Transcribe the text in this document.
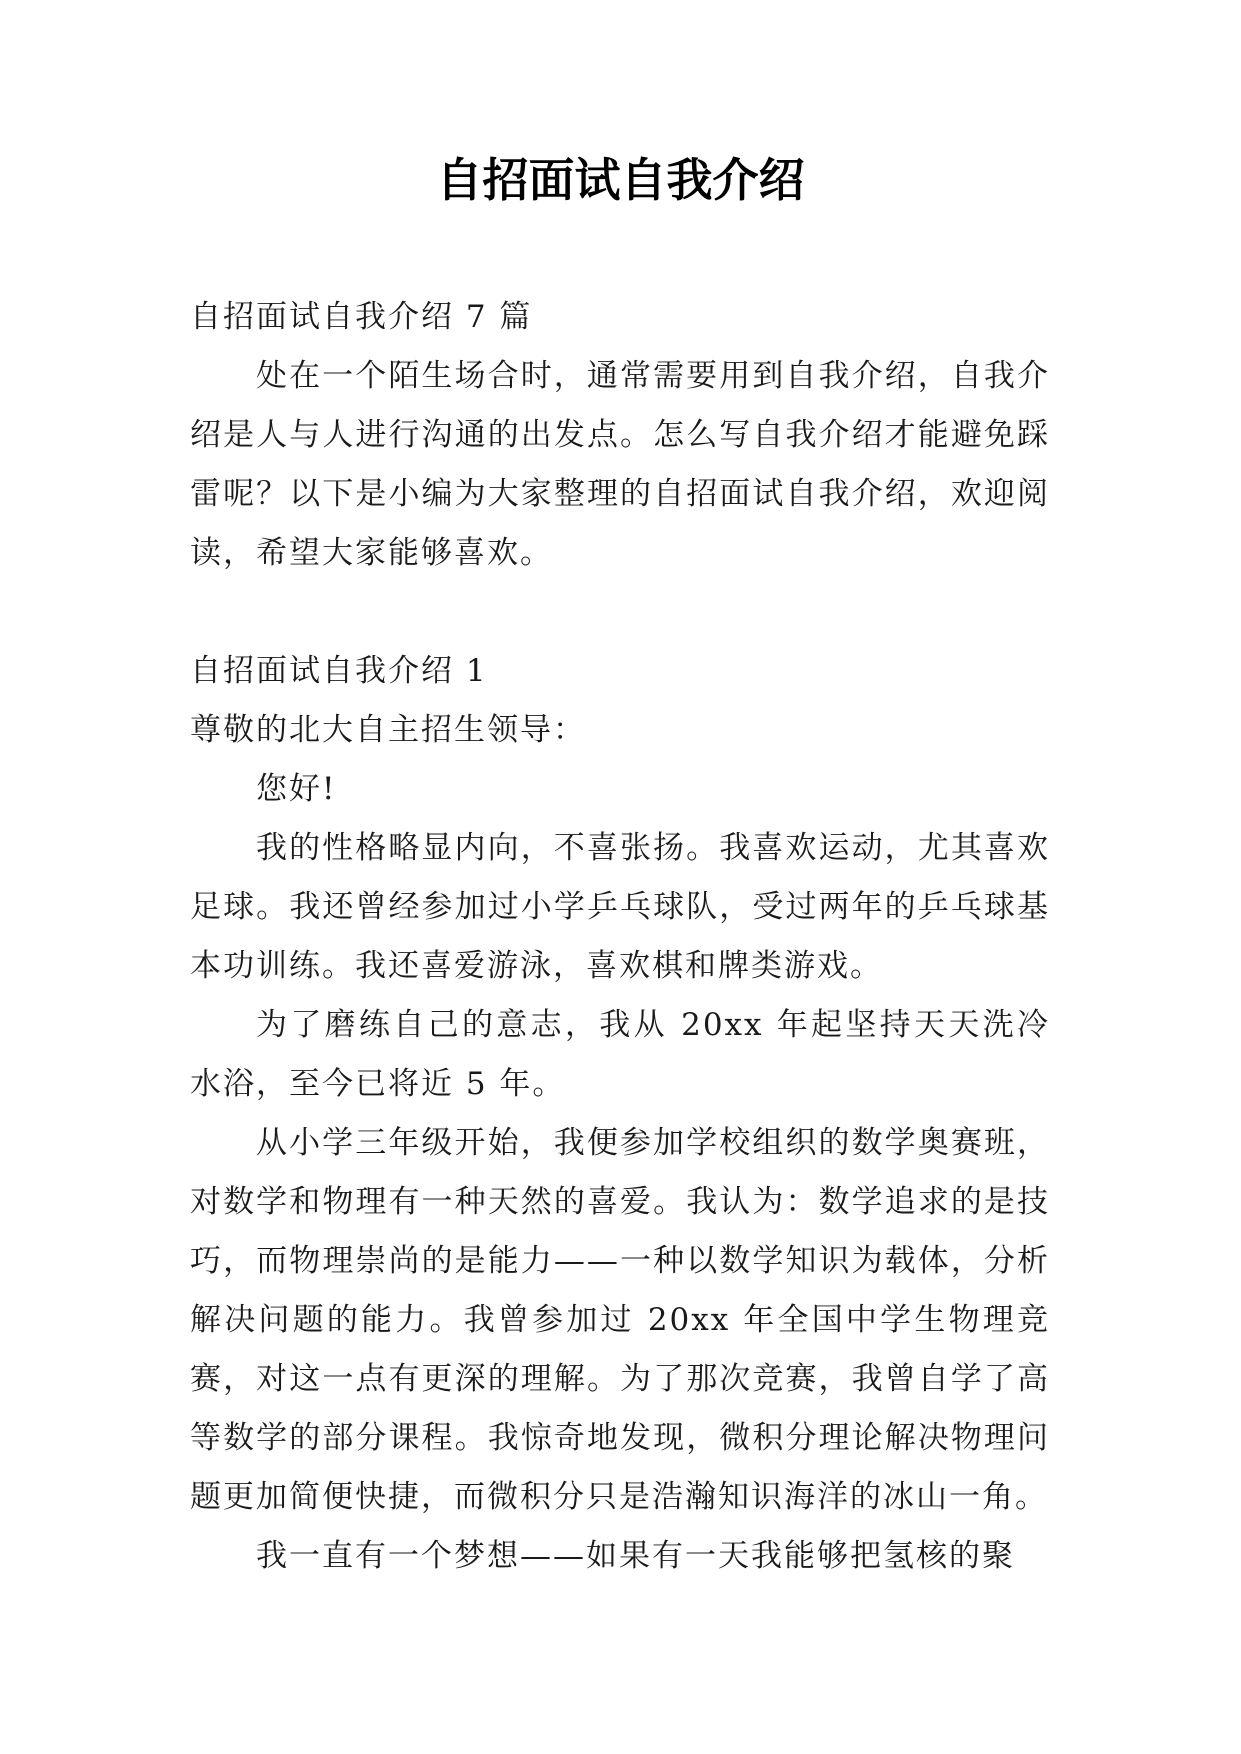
自招面试自我介绍

自招面试自我介绍 7 篇

处在一个陌生场合时，通常需要用到自我介绍，自我介绍是人与人进行沟通的出发点。怎么写自我介绍才能避免踩雷呢？以下是小编为大家整理的自招面试自我介绍，欢迎阅读，希望大家能够喜欢。

自招面试自我介绍 1

尊敬的北大自主招生领导：

您好!

我的性格略显内向，不喜张扬。我喜欢运动，尤其喜欢足球。我还曾经参加过小学乒乓球队，受过两年的乒乓球基本功训练。我还喜爱游泳，喜欢棋和牌类游戏。

为了磨练自己的意志，我从 20xx 年起坚持天天洗冷水浴，至今已将近 5 年。

从小学三年级开始，我便参加学校组织的数学奥赛班，对数学和物理有一种天然的喜爱。我认为：数学追求的是技巧，而物理崇尚的是能力——一种以数学知识为载体，分析解决问题的能力。我曾参加过 20xx 年全国中学生物理竞赛，对这一点有更深的理解。为了那次竞赛，我曾自学了高等数学的部分课程。我惊奇地发现，微积分理论解决物理问题更加简便快捷，而微积分只是浩瀚知识海洋的冰山一角。

我一直有一个梦想——如果有一天我能够把氢核的聚
